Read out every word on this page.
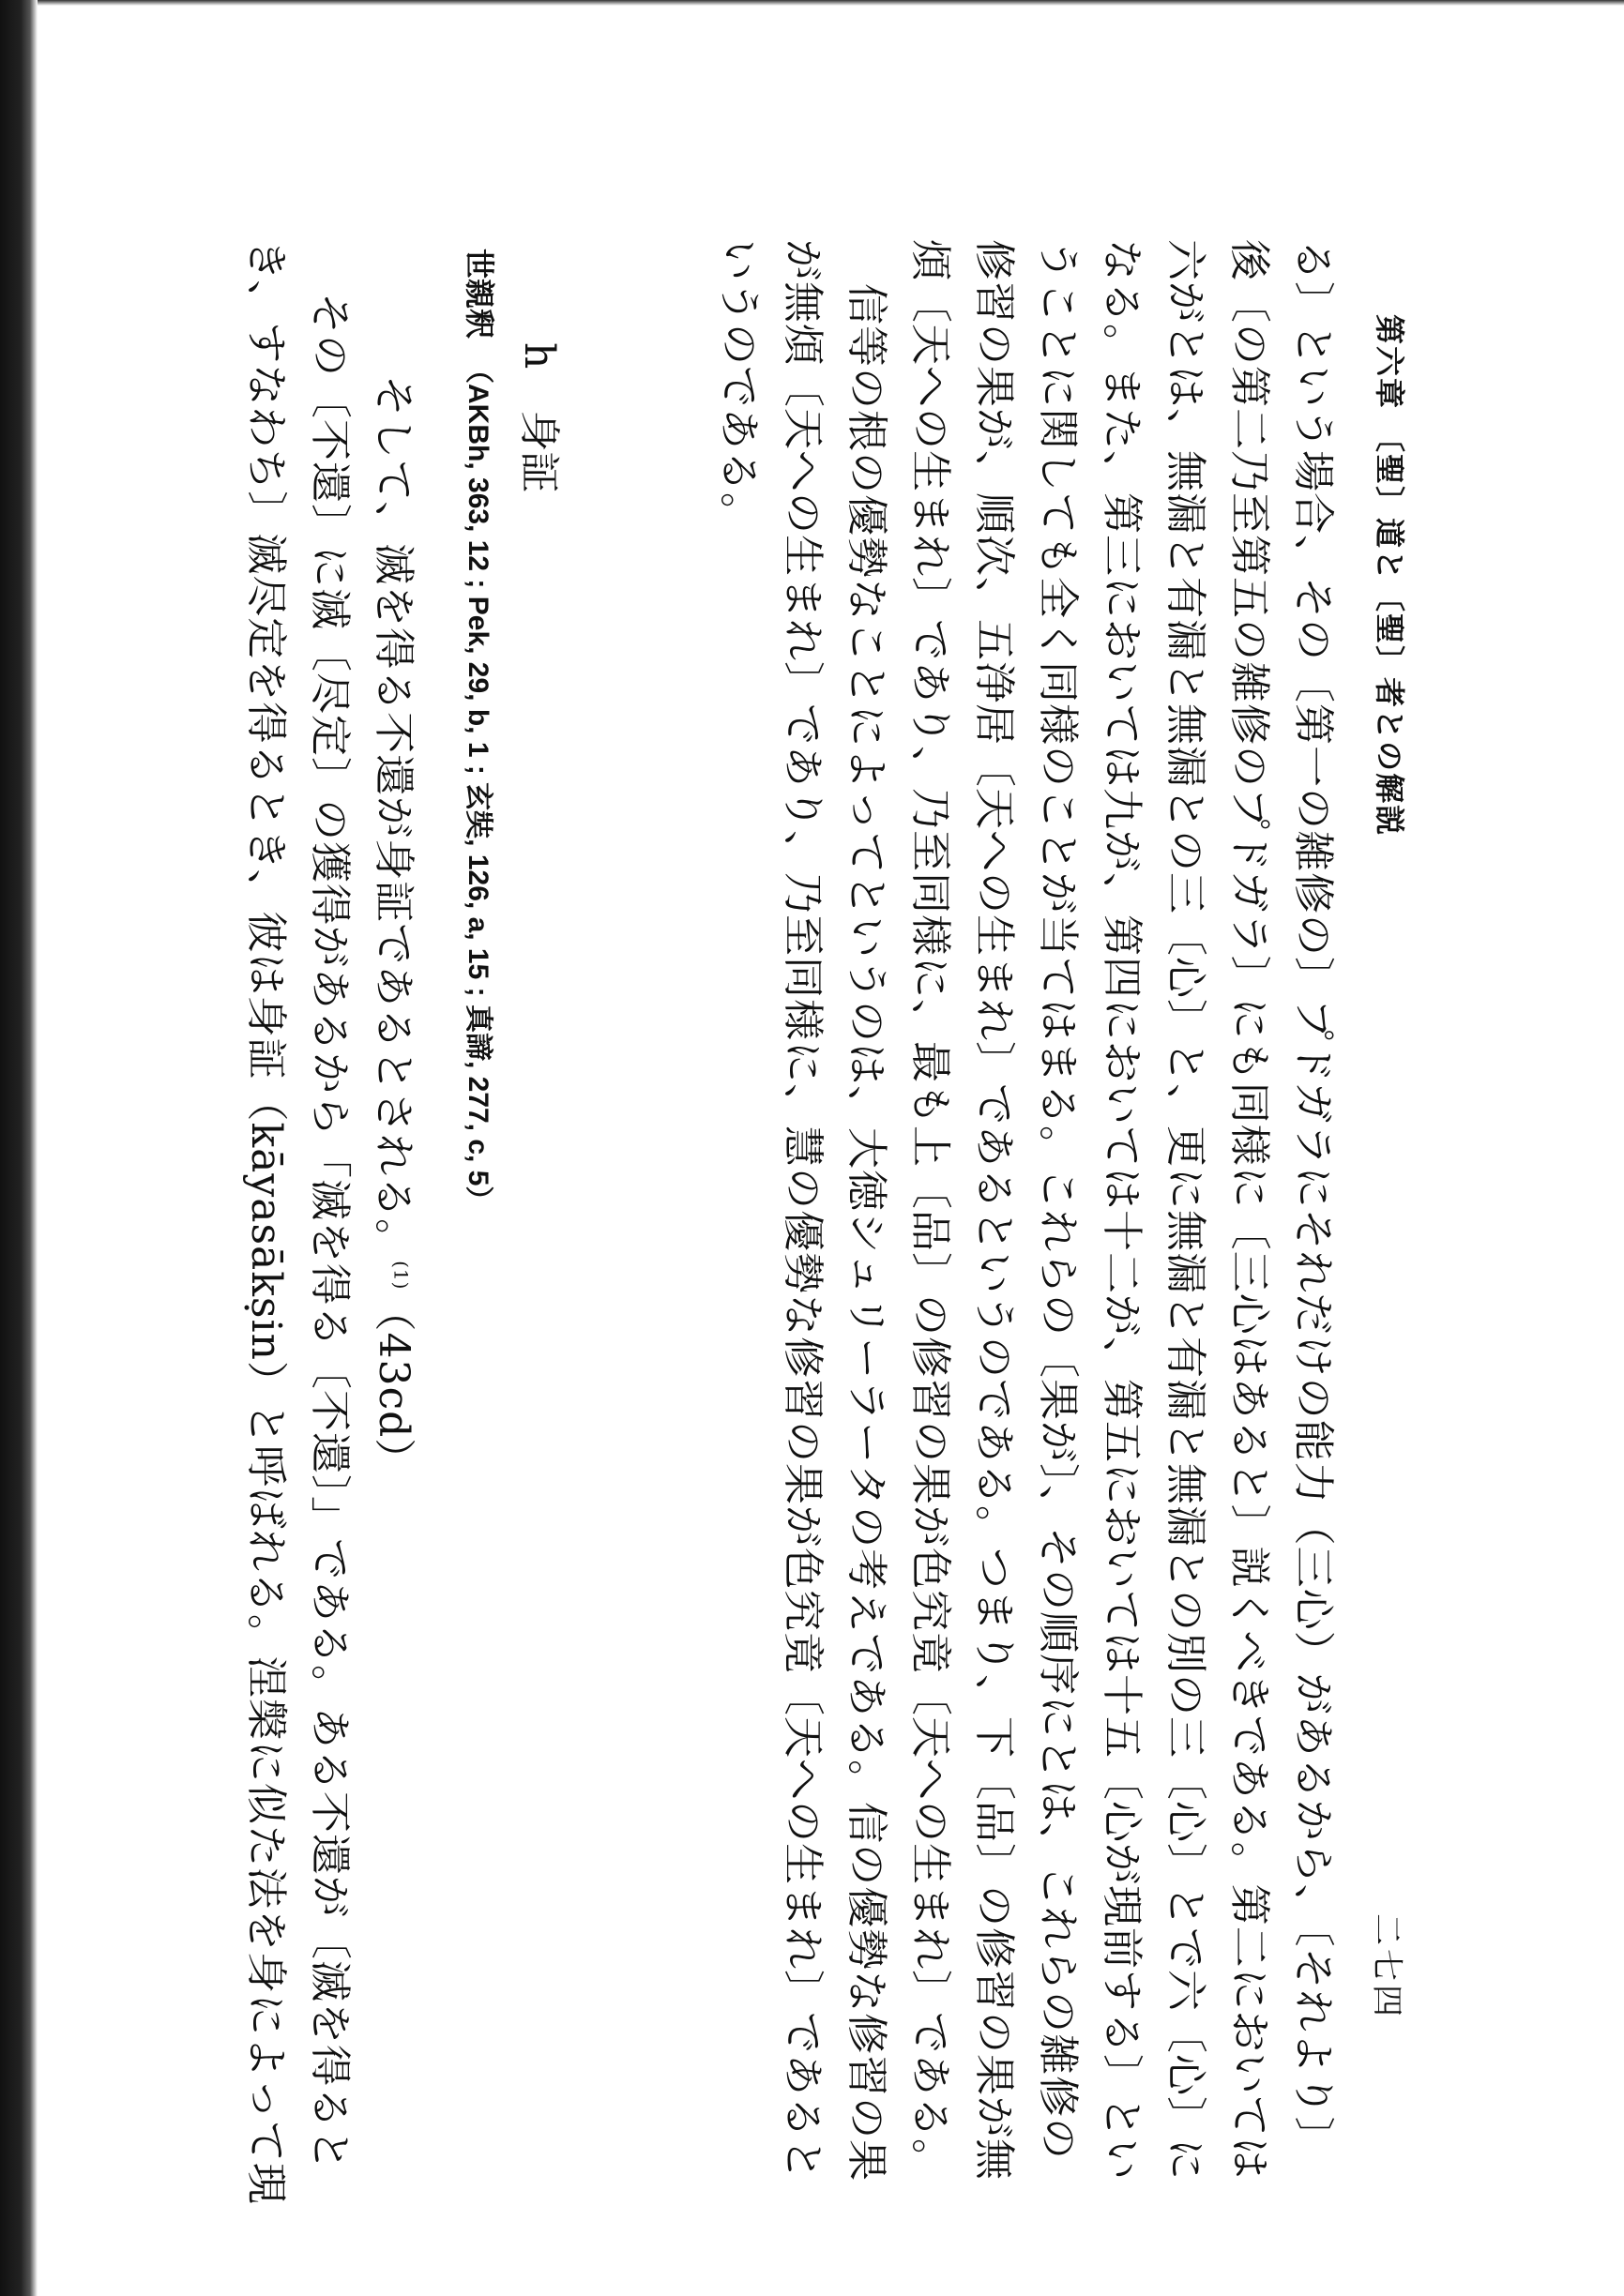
第六章 〔聖〕道と〔聖〕者との解説
二七四
る〕という場合、その〔第一の雑修の〕プドガラにそれだけの能力（三心）があるから、〔それより〕
後〔の第二乃至第五の雑修のプドガラ〕にも同様に〔三心はあると〕説くべきである。第二においては
六がとは、無漏と有漏と無漏との三〔心〕と、更に無漏と有漏と無漏との別の三〔心〕とで六〔心〕に
なる。また、第三においては九が、第四においては十二が、第五においては十五〔心が現前する〕とい
うことに関しても全く同様のことが当てはまる。これらの〔果が〕、その順序にとは、これらの雑修の
修習の果が、順次、五浄居〔天への生まれ〕であるというのである。つまり、下〔品〕の修習の果が無
煩〔天への生まれ〕であり、乃至同様に、最も上〔品〕の修習の果が色究竟〔天への生まれ〕である。
信等の根の優勢なことによってというのは、大徳シュリーラータの考えである。信の優勢な修習の果
が無煩〔天への生まれ〕であり、乃至同様に、慧の優勢な修習の果が色究竟〔天への生まれ〕であると
いうのである。
h　身証
世親釈（AKBh, 363, 12 ; Pek, 29, b, 1 ; 玄奘, 126, a, 15 ; 真諦, 277, c, 5）
そして、滅を得る不還が身証であるとされる。$^{(1)}$（43cd）
その〔不還〕に滅〔尽定〕の獲得があるから「滅を得る〔不還〕」である。ある不還が〔滅を得ると
き、すなわち〕滅尽定を得るとき、彼は身証（kāyasākṣin）と呼ばれる。涅槃に似た法を身によって現
